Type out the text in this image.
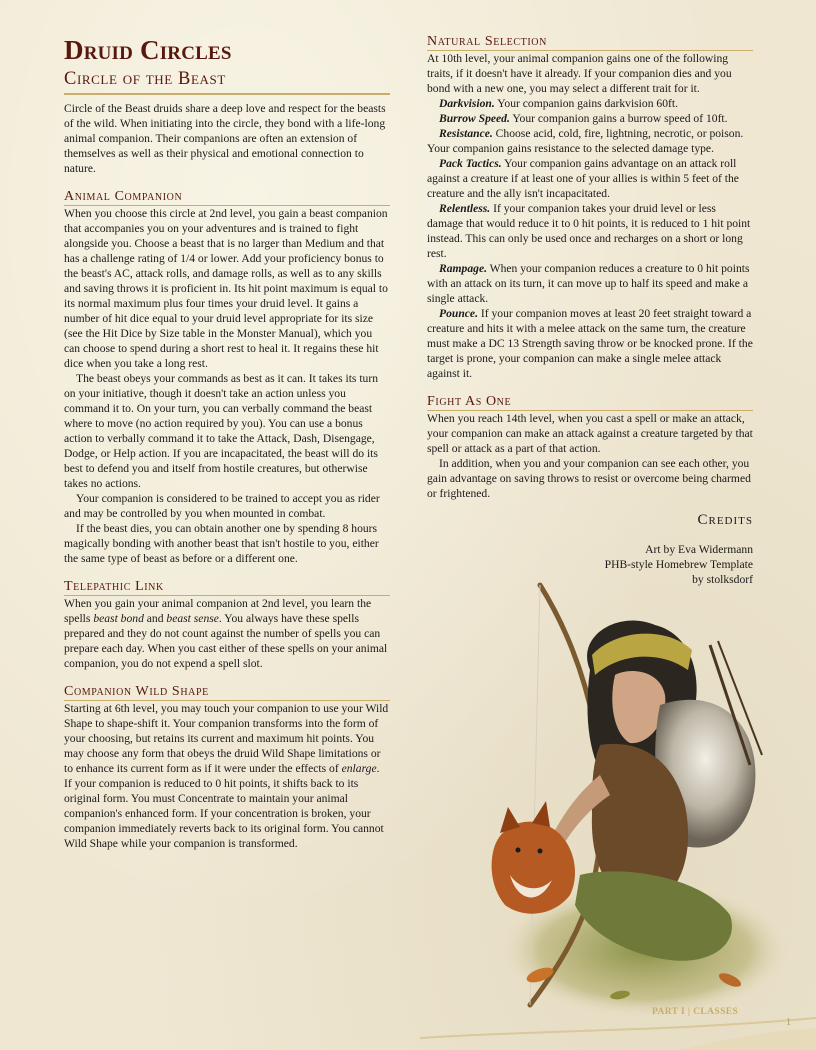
Druid Circles
Circle of the Beast

Circle of the Beast druids share a deep love and respect for the beasts of the wild. When initiating into the circle, they bond with a life-long animal companion. Their companions are often an extension of themselves as well as their physical and emotional connection to nature.

Animal Companion

When you choose this circle at 2nd level, you gain a beast companion that accompanies you on your adventures and is trained to fight alongside you. Choose a beast that is no larger than Medium and that has a challenge rating of 1/4 or lower. Add your proficiency bonus to the beast's AC, attack rolls, and damage rolls, as well as to any skills and saving throws it is proficient in. Its hit point maximum is equal to its normal maximum plus four times your druid level. It gains a number of hit dice equal to your druid level appropriate for its size (see the Hit Dice by Size table in the Monster Manual), which you can choose to spend during a short rest to heal it. It regains these hit dice when you take a long rest.

The beast obeys your commands as best as it can. It takes its turn on your initiative, though it doesn't take an action unless you command it to. On your turn, you can verbally command the beast where to move (no action required by you). You can use a bonus action to verbally command it to take the Attack, Dash, Disengage, Dodge, or Help action. If you are incapacitated, the beast will do its best to defend you and itself from hostile creatures, but otherwise takes no actions.

Your companion is considered to be trained to accept you as rider and may be controlled by you when mounted in combat.

If the beast dies, you can obtain another one by spending 8 hours magically bonding with another beast that isn't hostile to you, either the same type of beast as before or a different one.

Telepathic Link

When you gain your animal companion at 2nd level, you learn the spells beast bond and beast sense. You always have these spells prepared and they do not count against the number of spells you can prepare each day. When you cast either of these spells on your animal companion, you do not expend a spell slot.

Companion Wild Shape

Starting at 6th level, you may touch your companion to use your Wild Shape to shape-shift it. Your companion transforms into the form of your choosing, but retains its current and maximum hit points. You may choose any form that obeys the druid Wild Shape limitations or to enhance its current form as if it were under the effects of enlarge. If your companion is reduced to 0 hit points, it shifts back to its original form. You must Concentrate to maintain your animal companion's enhanced form. If your concentration is broken, your companion immediately reverts back to its original form. You cannot Wild Shape while your companion is transformed.

Natural Selection

At 10th level, your animal companion gains one of the following traits, if it doesn't have it already. If your companion dies and you bond with a new one, you may select a different trait for it.

Darkvision. Your companion gains darkvision 60ft.

Burrow Speed. Your companion gains a burrow speed of 10ft.

Resistance. Choose acid, cold, fire, lightning, necrotic, or poison. Your companion gains resistance to the selected damage type.

Pack Tactics. Your companion gains advantage on an attack roll against a creature if at least one of your allies is within 5 feet of the creature and the ally isn't incapacitated.

Relentless. If your companion takes your druid level or less damage that would reduce it to 0 hit points, it is reduced to 1 hit point instead. This can only be used once and recharges on a short or long rest.

Rampage. When your companion reduces a creature to 0 hit points with an attack on its turn, it can move up to half its speed and make a single attack.

Pounce. If your companion moves at least 20 feet straight toward a creature and hits it with a melee attack on the same turn, the creature must make a DC 13 Strength saving throw or be knocked prone. If the target is prone, your companion can make a single melee attack against it.

Fight As One

When you reach 14th level, when you cast a spell or make an attack, your companion can make an attack against a creature targeted by that spell or attack as a part of that action.

In addition, when you and your companion can see each other, you gain advantage on saving throws to resist or overcome being charmed or frightened.

Credits
Art by Eva Widermann
PHB-style Homebrew Template
by stolksdorf
PART I | CLASSES
1
